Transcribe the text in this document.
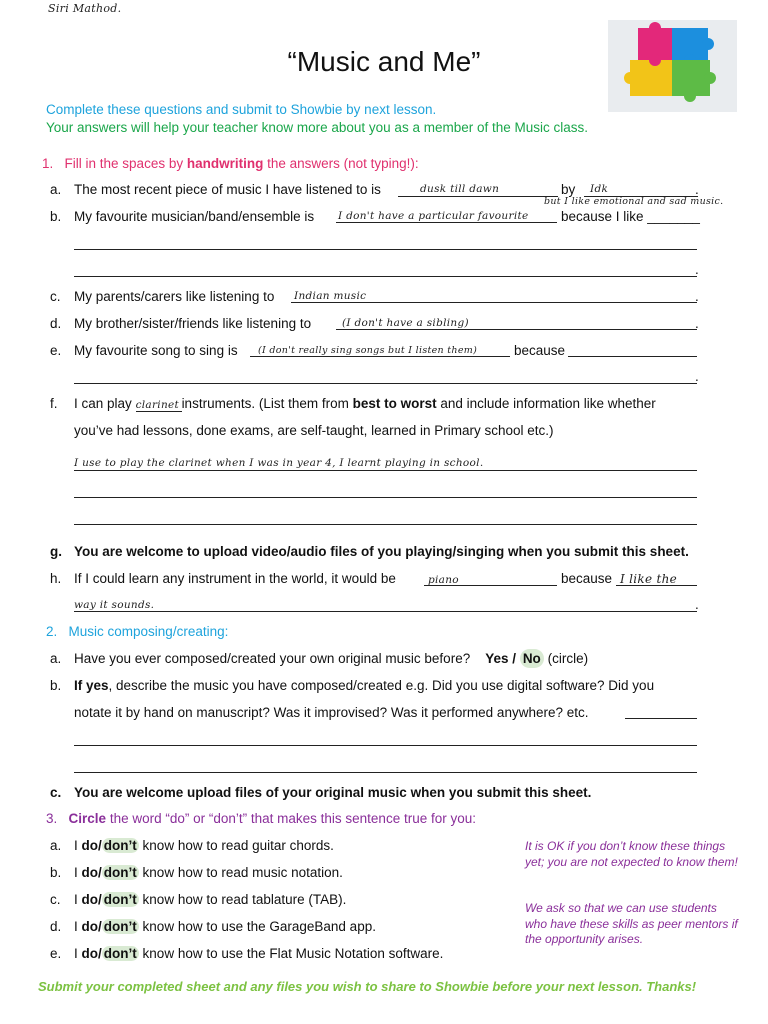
Siri Mathod.
“Music and Me”
Complete these questions and submit to Showbie by next lesson.
Your answers will help your teacher know more about you as a member of the Music class.
1. Fill in the spaces by handwriting the answers (not typing!):
a. The most recent piece of music I have listened to is	dusk till dawn	by Idk	.
b. My favourite musician/band/ensemble is I don't have a particular favourite
but I like emotional and sad music.
because I like _______
.
c. My parents/carers like listening to Indian music	.
d. My brother/sister/friends like listening to	(I don't have a sibling)	.
e. My favourite song to sing is (I don't really sing songs but I listen them)	because
.
f. I can play clarinet instruments. (List them from best to worst and include information like whether
you’ve had lessons, done exams, are self-taught, learned in Primary school etc.)
I use to play the clarinet when I was in year 4, I learnt playing in school.
g. You are welcome to upload video/audio files of you playing/singing when you submit this sheet.
h. If I could learn any instrument in the world, it would be	piano	because I like the
way it sounds.	.
2. Music composing/creating:
a. Have you ever composed/created your own original music before? Yes / No (circle)
b. If yes, describe the music you have composed/created e.g. Did you use digital software? Did you
notate it by hand on manuscript? Was it improvised? Was it performed anywhere? etc.
c. You are welcome upload files of your original music when you submit this sheet.
3. Circle the word “do” or “don’t” that makes this sentence true for you:
a. I do/ don’t know how to read guitar chords.
b. I do/ don’t know how to read music notation.
c. I do/ don’t know how to read tablature (TAB).
d. I do/ don’t know how to use the GarageBand app.
e. I do/ don’t know how to use the Flat Music Notation software.
It is OK if you don’t know these things yet; you are not expected to know them!
We ask so that we can use students who have these skills as peer mentors if the opportunity arises.
Submit your completed sheet and any files you wish to share to Showbie before your next lesson. Thanks!
